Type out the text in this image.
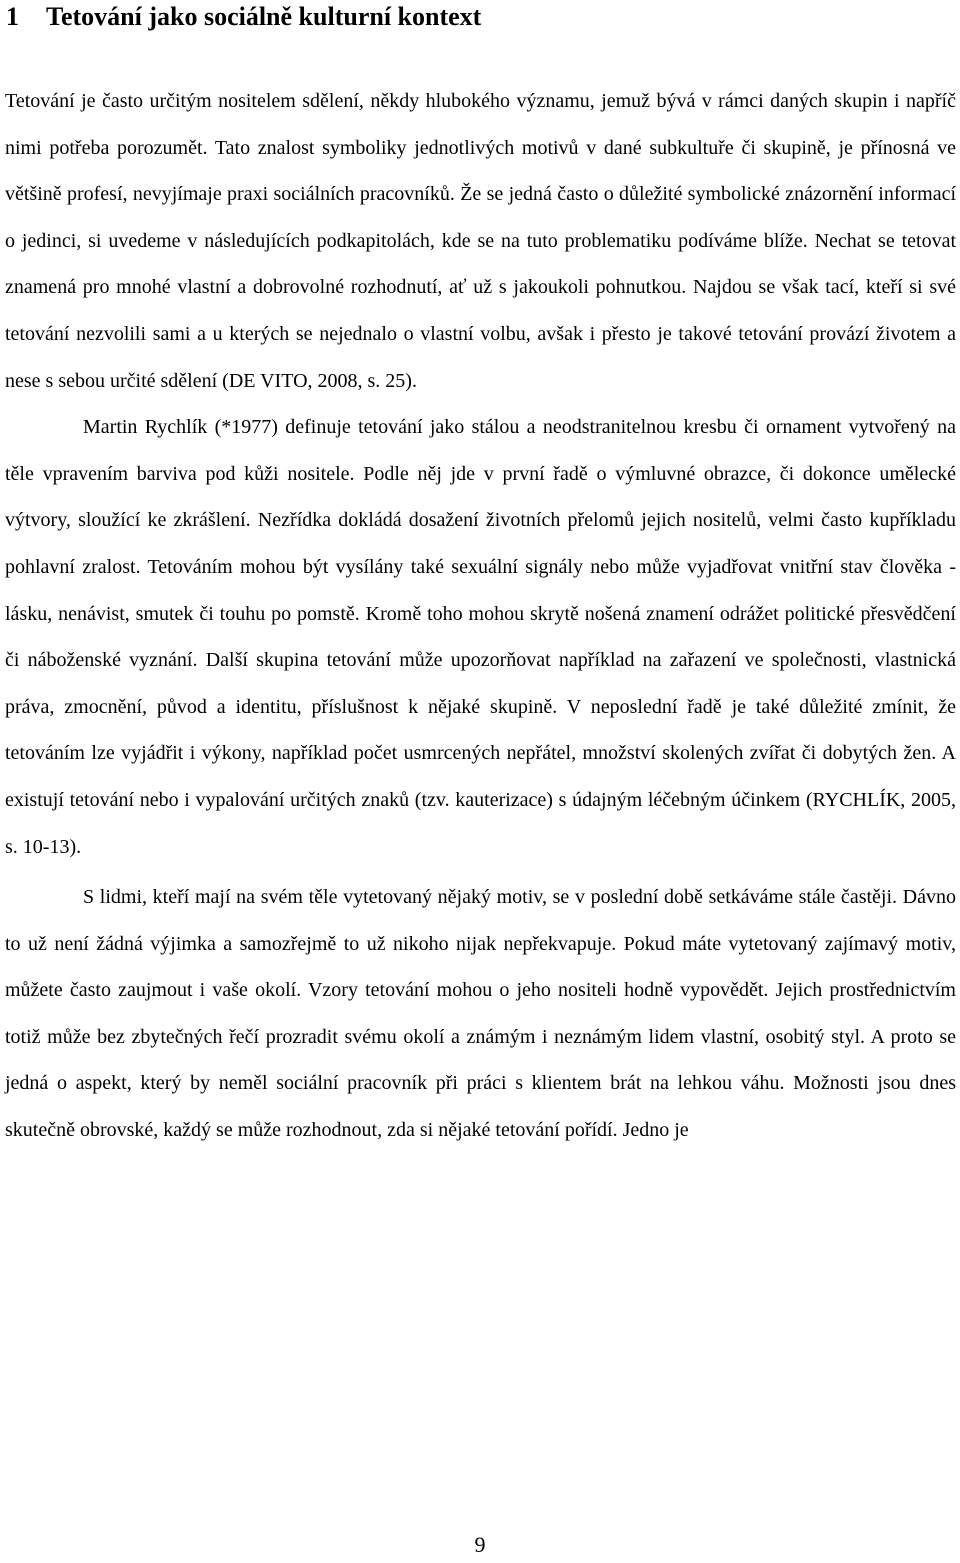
1 Tetování jako sociálně kulturní kontext

Tetování je často určitým nositelem sdělení, někdy hlubokého významu, jemuž bývá v rámci daných skupin i napříč nimi potřeba porozumět. Tato znalost symboliky jednotlivých motivů v dané subkultuře či skupině, je přínosná ve většině profesí, nevyjímaje praxi sociálních pracovníků. Že se jedná často o důležité symbolické znázornění informací o jedinci, si uvedeme v následujících podkapitolách, kde se na tuto problematiku podíváme blíže. Nechat se tetovat znamená pro mnohé vlastní a dobrovolné rozhodnutí, ať už s jakoukoli pohnutkou. Najdou se však tací, kteří si své tetování nezvolili sami a u kterých se nejednalo o vlastní volbu, avšak i přesto je takové tetování provází životem a nese s sebou určité sdělení (DE VITO, 2008, s. 25).

Martin Rychlík (*1977) definuje tetování jako stálou a neodstranitelnou kresbu či ornament vytvořený na těle vpravením barviva pod kůži nositele. Podle něj jde v první řadě o výmluvné obrazce, či dokonce umělecké výtvory, sloužící ke zkrášlení. Nezřídka dokládá dosažení životních přelomů jejich nositelů, velmi často kupříkladu pohlavní zralost. Tetováním mohou být vysílány také sexuální signály nebo může vyjadřovat vnitřní stav člověka - lásku, nenávist, smutek či touhu po pomstě. Kromě toho mohou skrytě nošená znamení odrážet politické přesvědčení či náboženské vyznání. Další skupina tetování může upozorňovat například na zařazení ve společnosti, vlastnická práva, zmocnění, původ a identitu, příslušnost k nějaké skupině. V neposlední řadě je také důležité zmínit, že tetováním lze vyjádřit i výkony, například počet usmrcených nepřátel, množství skolených zvířat či dobytých žen. A existují tetování nebo i vypalování určitých znaků (tzv. kauterizace) s údajným léčebným účinkem (RYCHLÍK, 2005, s. 10-13).

S lidmi, kteří mají na svém těle vytetovaný nějaký motiv, se v poslední době setkáváme stále častěji. Dávno to už není žádná výjimka a samozřejmě to už nikoho nijak nepřekvapuje. Pokud máte vytetovaný zajímavý motiv, můžete často zaujmout i vaše okolí. Vzory tetování mohou o jeho nositeli hodně vypovědět. Jejich prostřednictvím totiž může bez zbytečných řečí prozradit svému okolí a známým i neznámým lidem vlastní, osobitý styl. A proto se jedná o aspekt, který by neměl sociální pracovník při práci s klientem brát na lehkou váhu. Možnosti jsou dnes skutečně obrovské, každý se může rozhodnout, zda si nějaké tetování pořídí. Jedno je

9
